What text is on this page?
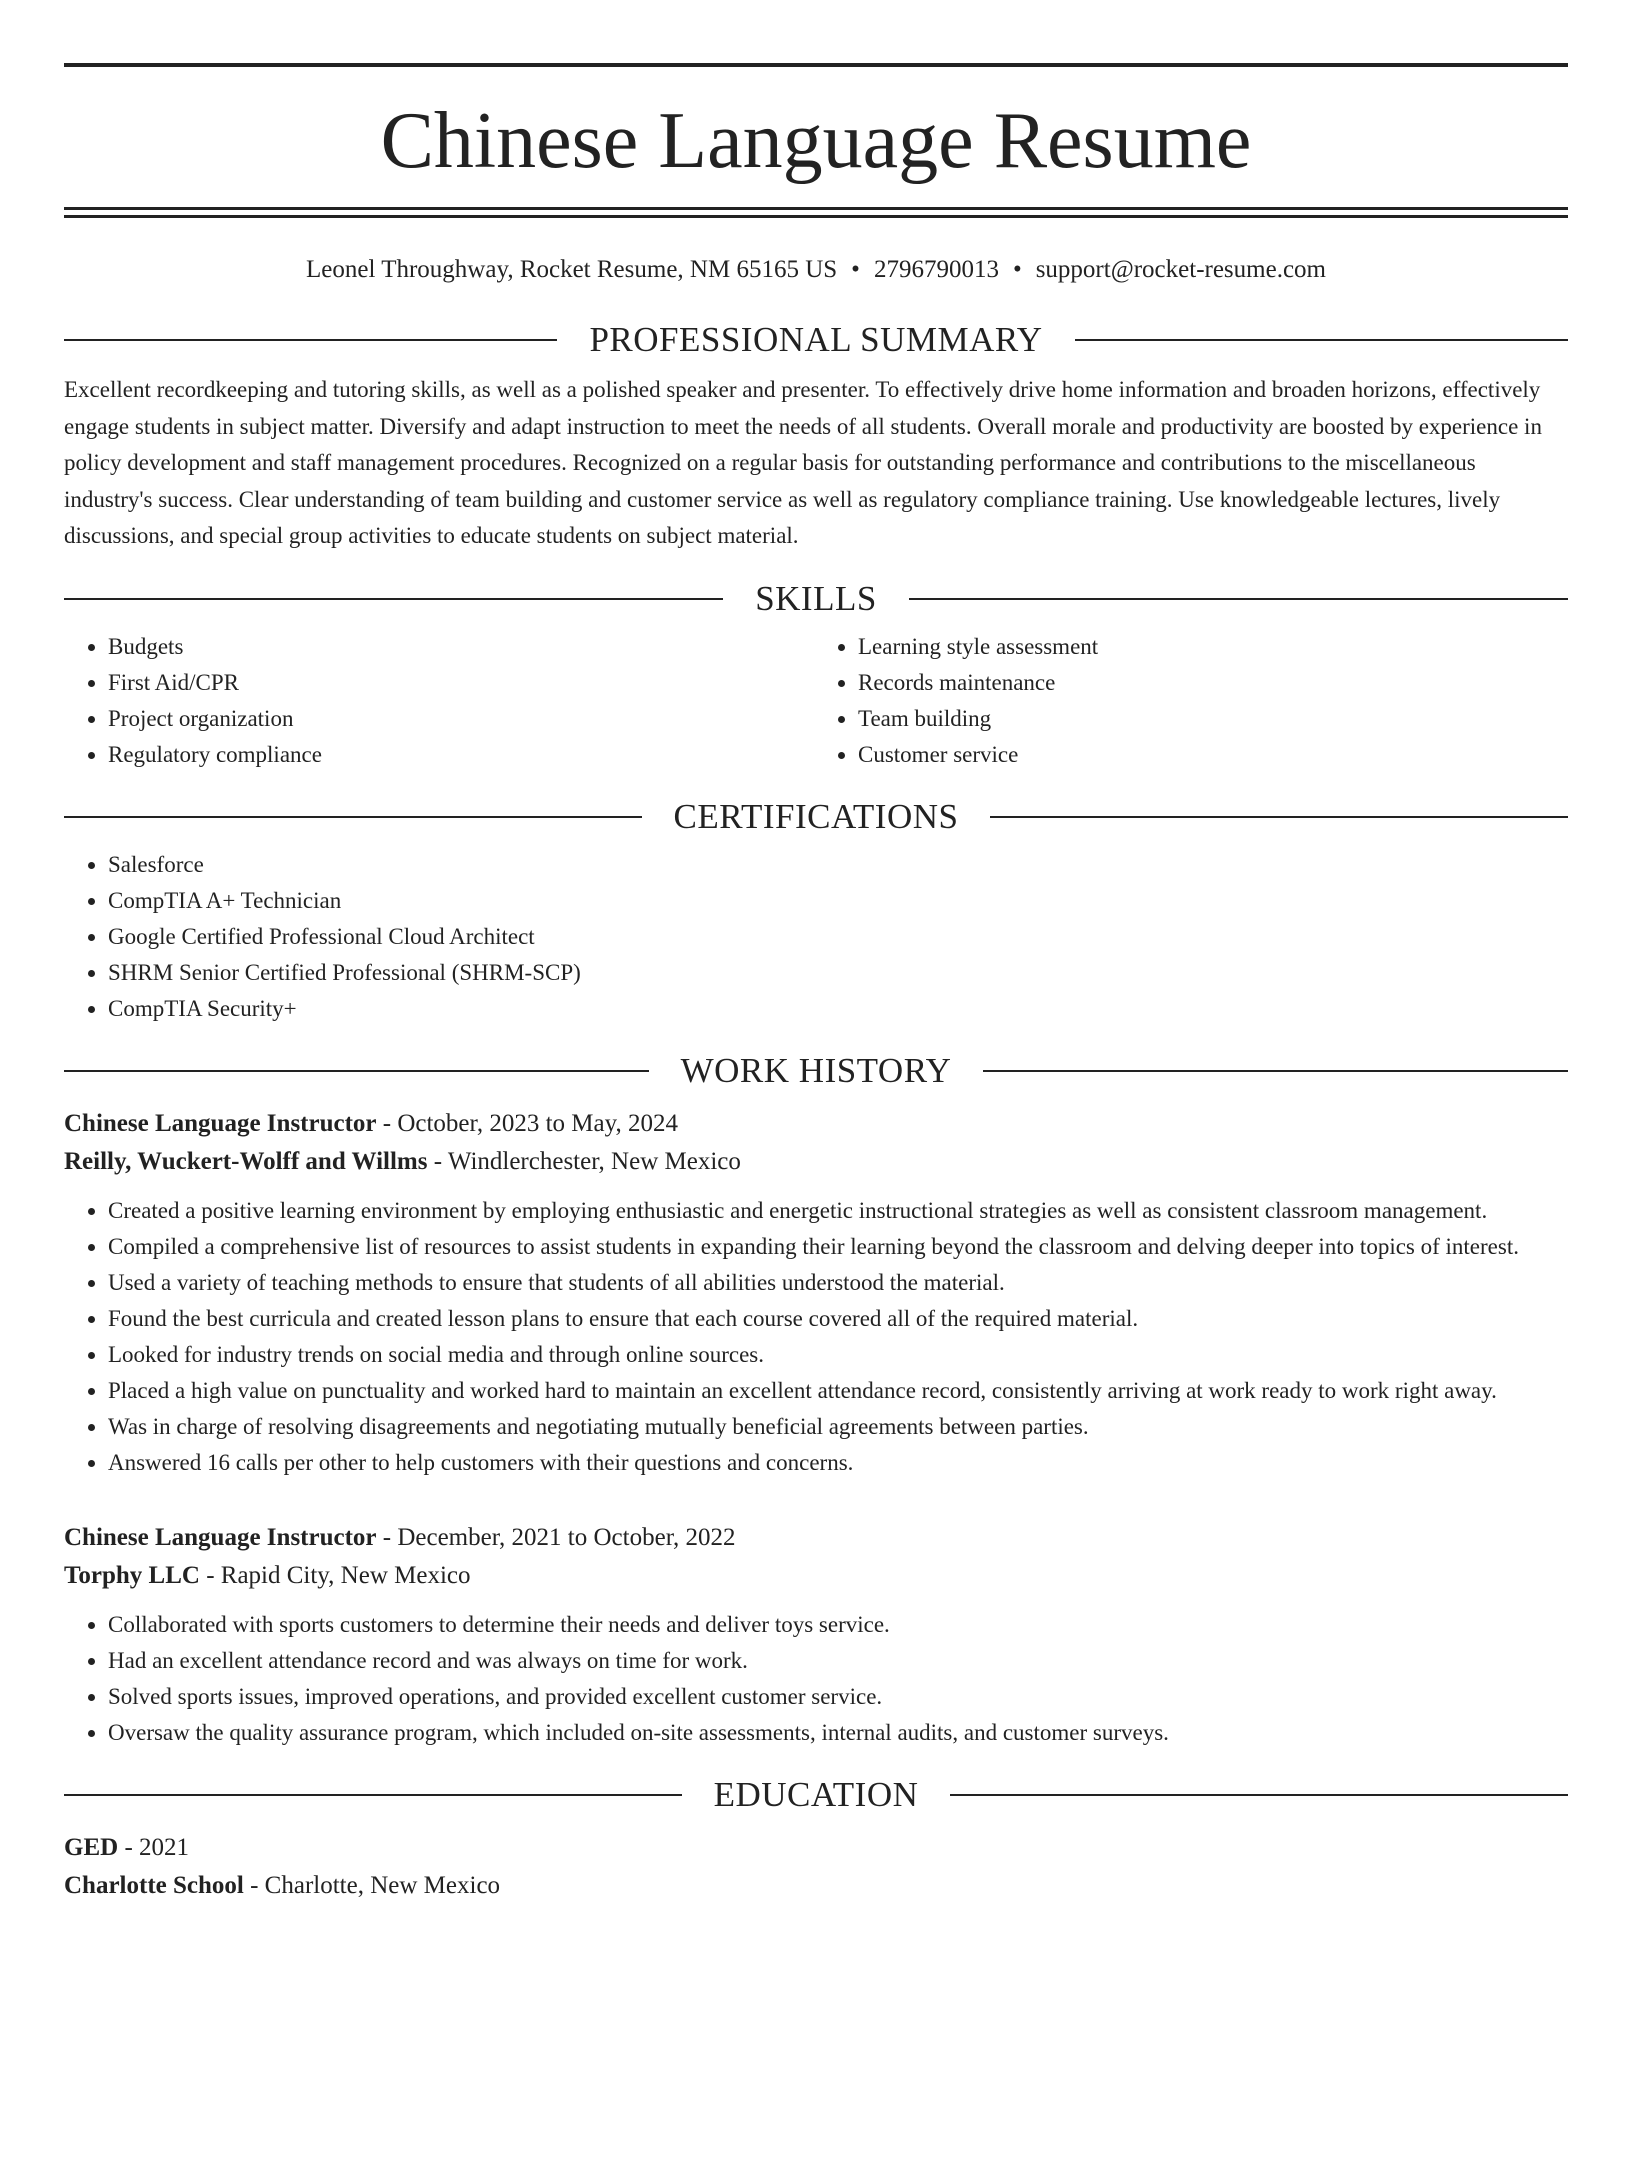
Chinese Language Resume
Leonel Throughway, Rocket Resume, NM 65165 US • 2796790013 • support@rocket-resume.com
PROFESSIONAL SUMMARY

Excellent recordkeeping and tutoring skills, as well as a polished speaker and presenter. To effectively drive home information and broaden horizons, effectively engage students in subject matter. Diversify and adapt instruction to meet the needs of all students. Overall morale and productivity are boosted by experience in policy development and staff management procedures. Recognized on a regular basis for outstanding performance and contributions to the miscellaneous industry's success. Clear understanding of team building and customer service as well as regulatory compliance training. Use knowledgeable lectures, lively discussions, and special group activities to educate students on subject material.

SKILLS
• Budgets
• First Aid/CPR
• Project organization
• Regulatory compliance
• Learning style assessment
• Records maintenance
• Team building
• Customer service
CERTIFICATIONS
• Salesforce
• CompTIA A+ Technician
• Google Certified Professional Cloud Architect
• SHRM Senior Certified Professional (SHRM-SCP)
• CompTIA Security+
WORK HISTORY
Chinese Language Instructor - October, 2023 to May, 2024
Reilly, Wuckert-Wolff and Willms - Windlerchester, New Mexico
• Created a positive learning environment by employing enthusiastic and energetic instructional strategies as well as consistent classroom management.
• Compiled a comprehensive list of resources to assist students in expanding their learning beyond the classroom and delving deeper into topics of interest.
• Used a variety of teaching methods to ensure that students of all abilities understood the material.
• Found the best curricula and created lesson plans to ensure that each course covered all of the required material.
• Looked for industry trends on social media and through online sources.
• Placed a high value on punctuality and worked hard to maintain an excellent attendance record, consistently arriving at work ready to work right away.
• Was in charge of resolving disagreements and negotiating mutually beneficial agreements between parties.
• Answered 16 calls per other to help customers with their questions and concerns.
Chinese Language Instructor - December, 2021 to October, 2022
Torphy LLC - Rapid City, New Mexico
• Collaborated with sports customers to determine their needs and deliver toys service.
• Had an excellent attendance record and was always on time for work.
• Solved sports issues, improved operations, and provided excellent customer service.
• Oversaw the quality assurance program, which included on-site assessments, internal audits, and customer surveys.
EDUCATION
GED - 2021
Charlotte School - Charlotte, New Mexico
